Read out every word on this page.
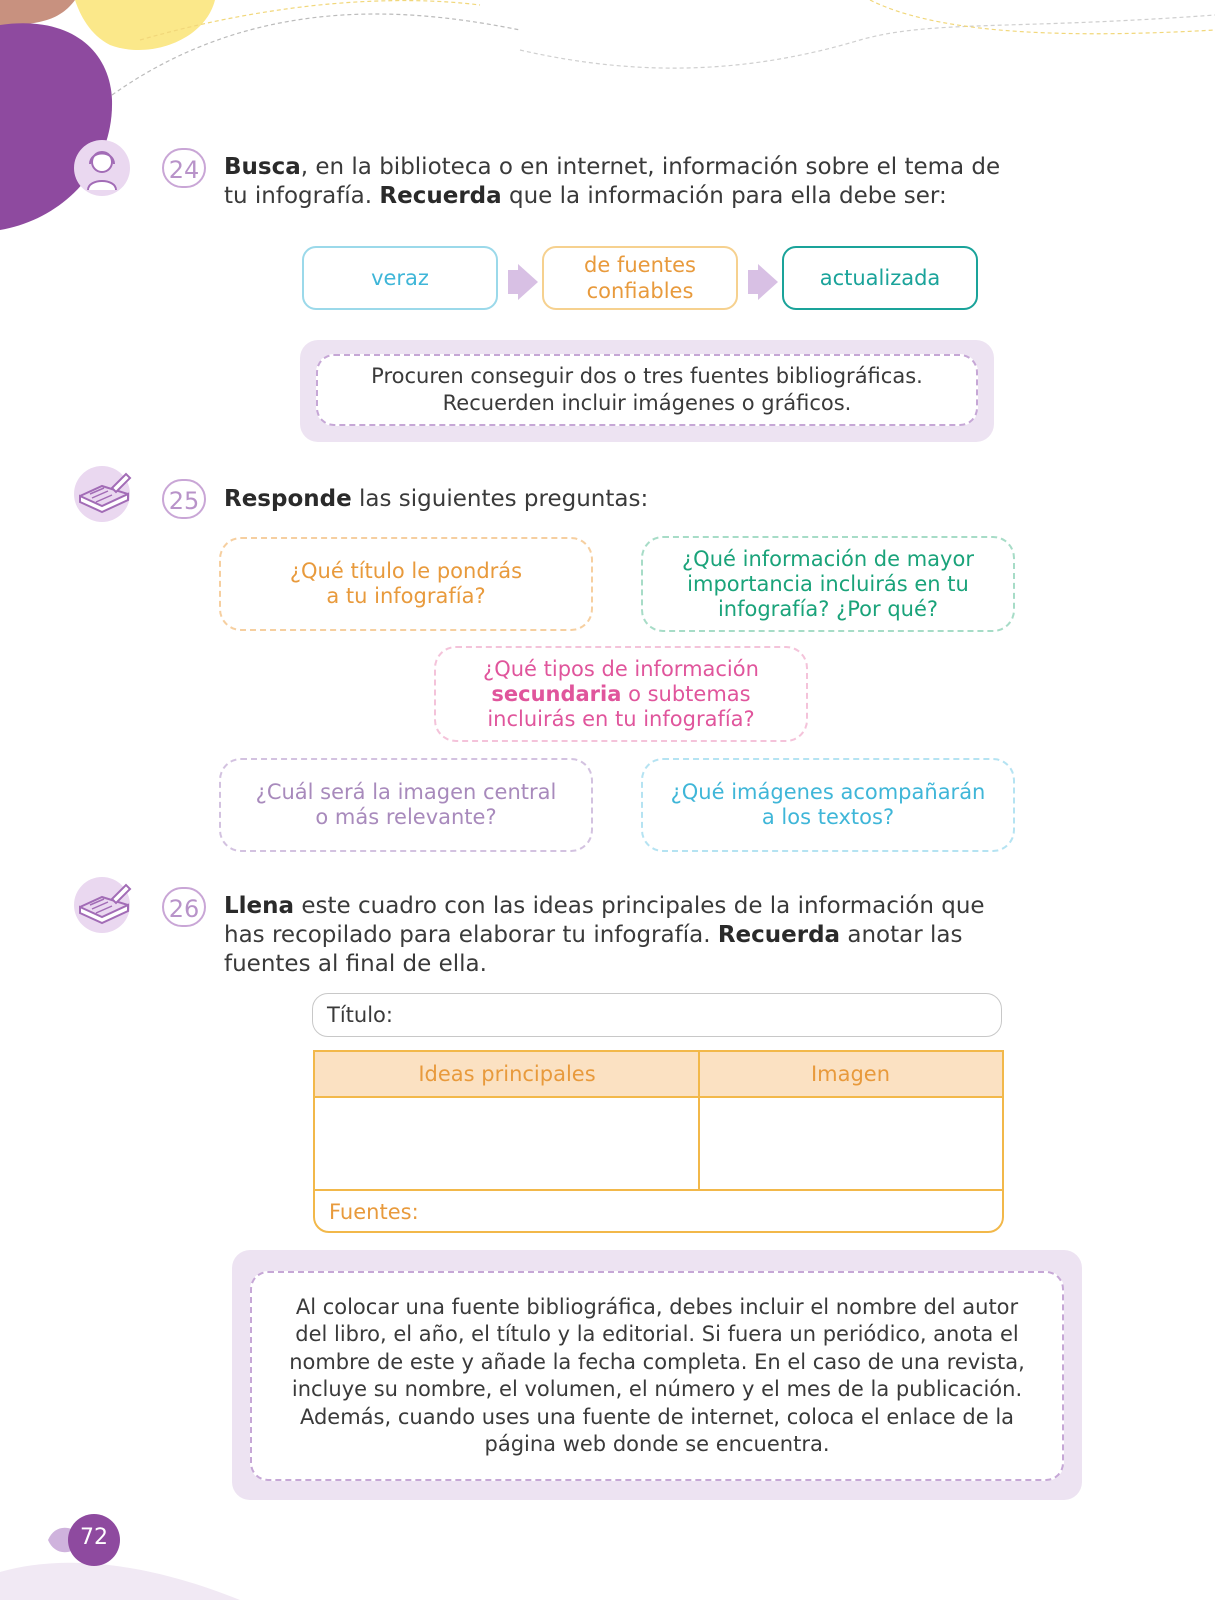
24 Busca, en la biblioteca o en internet, información sobre el tema de tu infografía. Recuerda que la información para ella debe ser:
veraz
de fuentes confiables
actualizada
Procuren conseguir dos o tres fuentes bibliográficas.
Recuerden incluir imágenes o gráficos.
25 Responde las siguientes preguntas:
¿Qué título le pondrás a tu infografía?
¿Qué información de mayor importancia incluirás en tu infografía? ¿Por qué?
¿Qué tipos de información
secundaria o subtemas incluirás en tu infografía?
¿Cuál será la imagen central o más relevante?
¿Qué imágenes acompañarán a los textos?
26 Llena este cuadro con las ideas principales de la información que has recopilado para elaborar tu infografía. Recuerda anotar las fuentes al final de ella.
Título:
Ideas principales	Imagen
Fuentes:
Al colocar una fuente bibliográfica, debes incluir el nombre del autor del libro, el año, el título y la editorial. Si fuera un periódico, anota el nombre de este y añade la fecha completa. En el caso de una revista, incluye su nombre, el volumen, el número y el mes de la publicación. Además, cuando uses una fuente de internet, coloca el enlace de la página web donde se encuentra.
72
